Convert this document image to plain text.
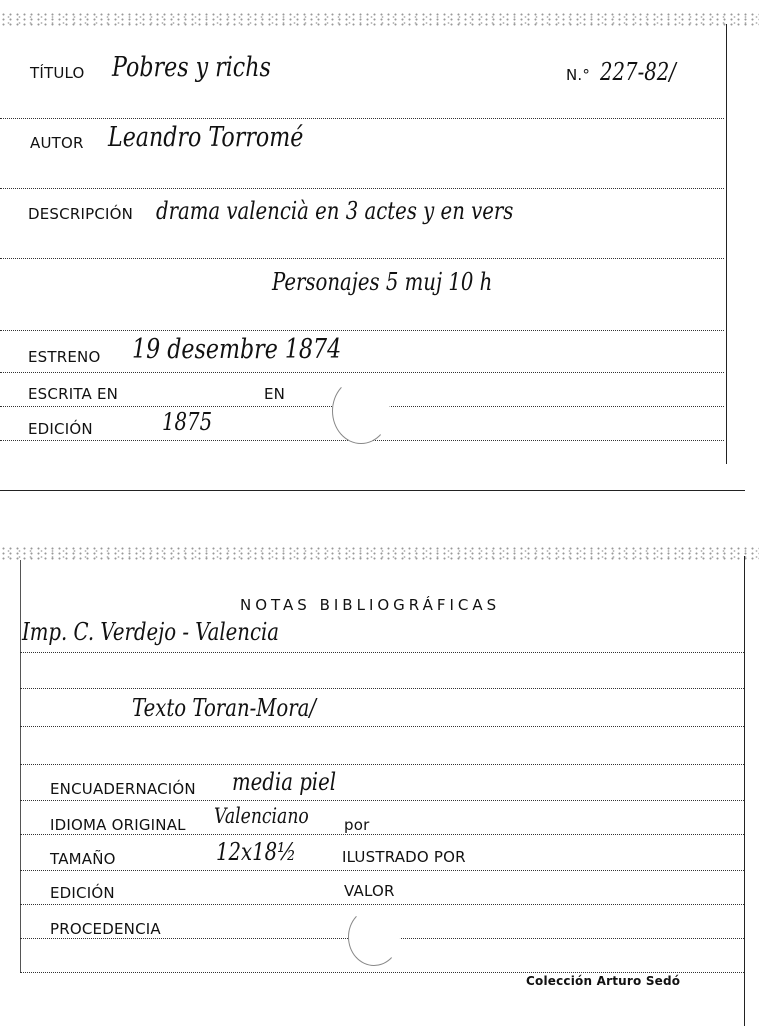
TÍTULO Pobres y richs	N.° 227-82/
AUTOR Leandro Torromé
DESCRIPCIÓN drama valencià en 3 actes y en vers
Personajes 5 muj 10 h
ESTRENO 19 desembre 1874
ESCRITA EN	EN
EDICIÓN	1875
NOTAS BIBLIOGRÁFICAS
Imp. C. Verdejo - Valencia
Texto Toran-Mora/
ENCUADERNACIÓN media piel
IDIOMA ORIGINAL Valenciano por
TAMAÑO	12x18½	ILUSTRADO POR
EDICIÓN	VALOR
PROCEDENCIA
Colección Arturo Sedó
